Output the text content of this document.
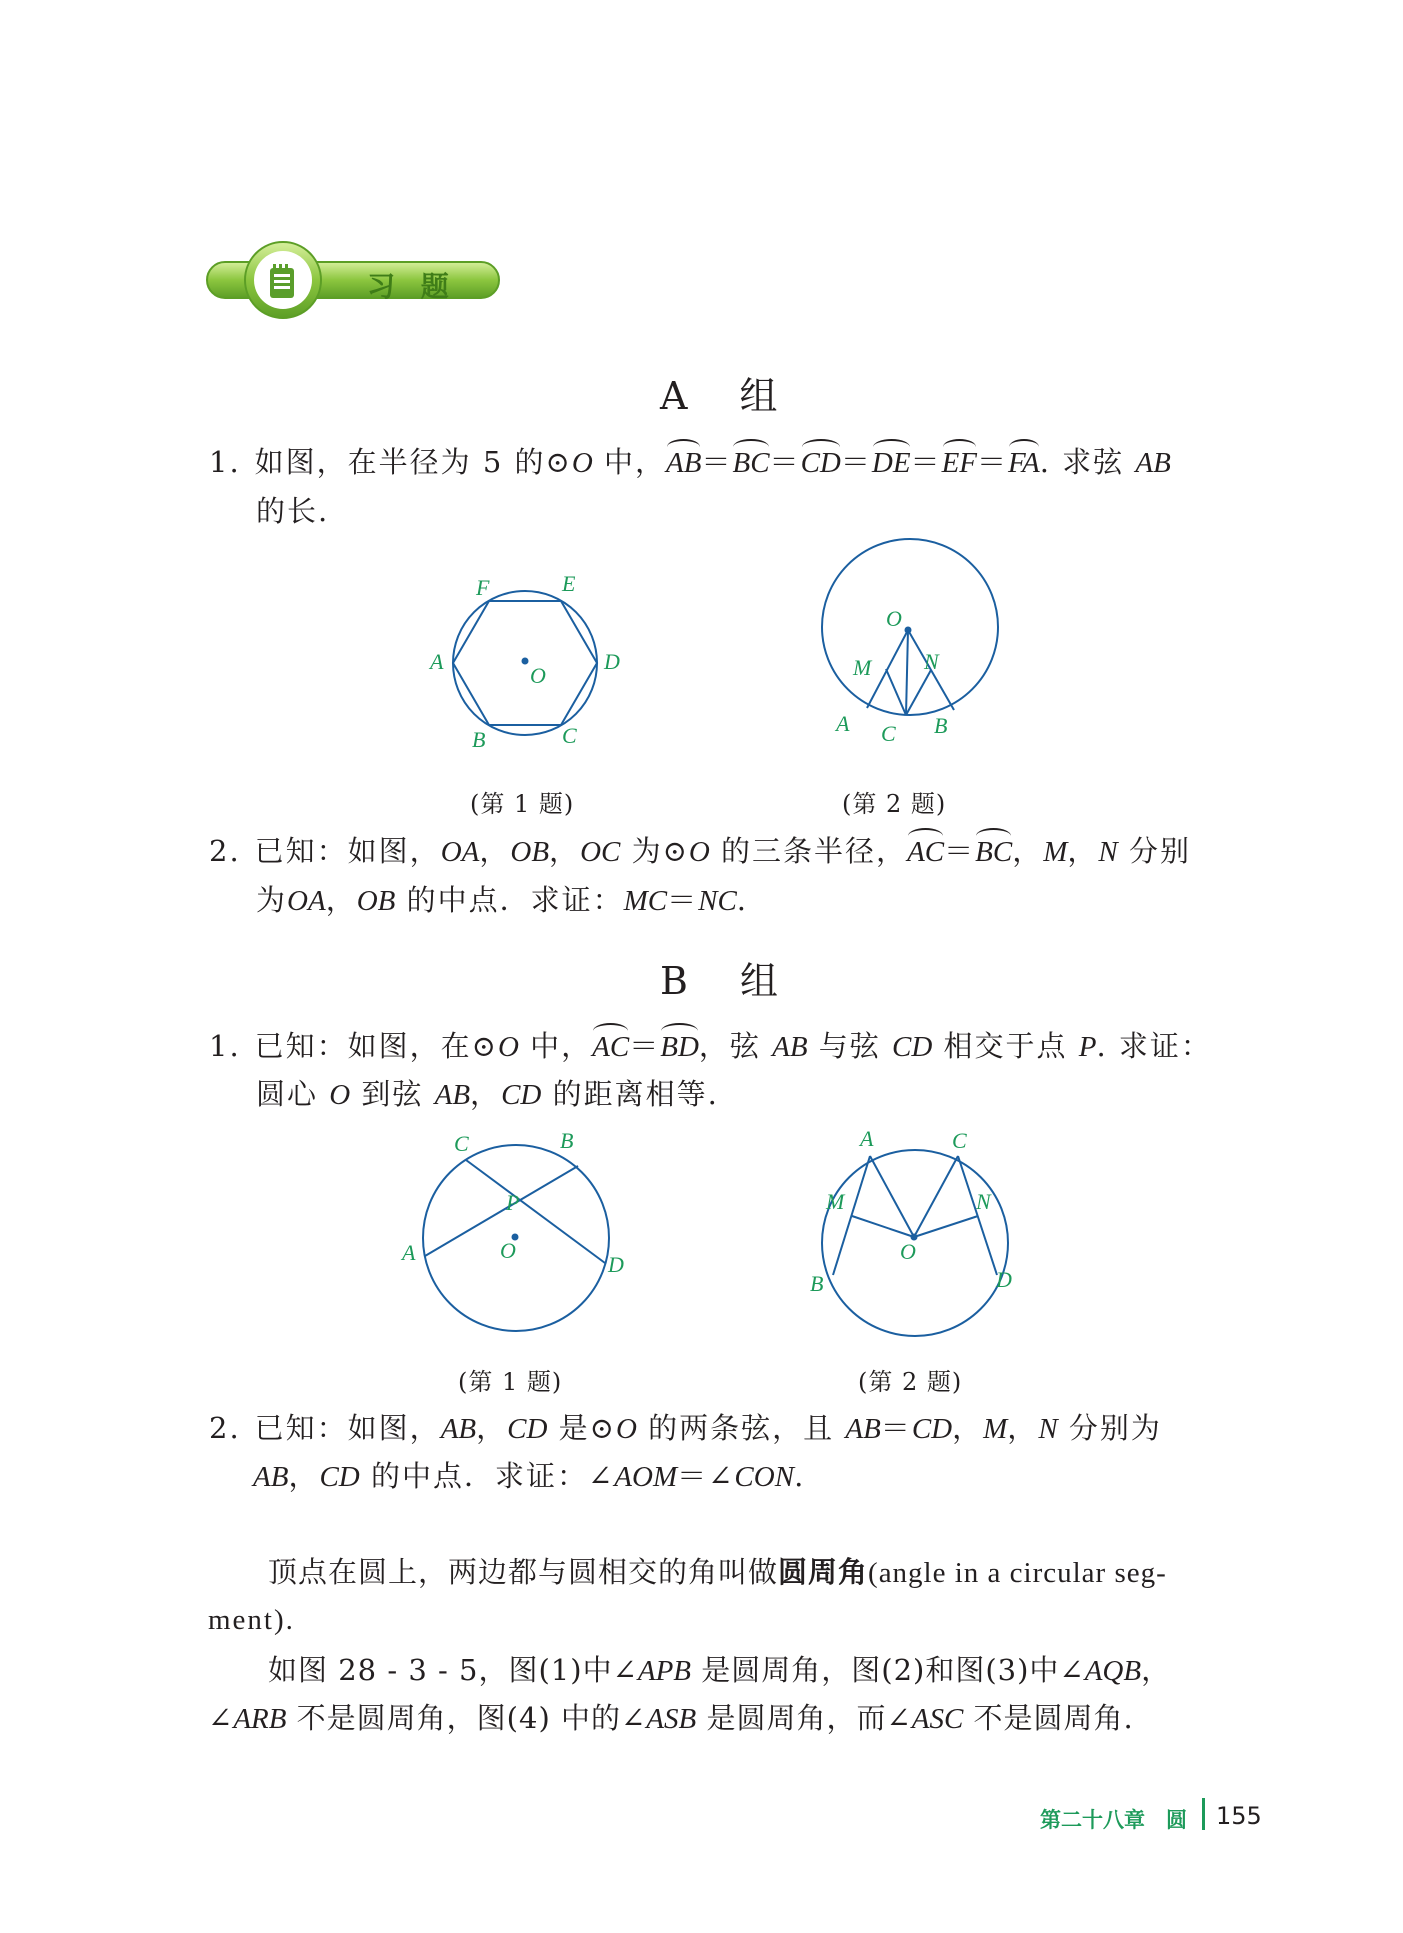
习 题
A 组
1. 如图，在半径为 5 的⊙O 中，AB＝BC＝CD＝DE＝EF＝FA. 求弦 AB
的长.
F	E
A	D
O
B	C
(第 1 题)
O
M N
A C B
(第 2 题)
2. 已知：如图，OA，OB，OC 为⊙O 的三条半径，AC＝BC，M，N 分别
为OA，OB 的中点．求证：MC＝NC.
B 组
1. 已知：如图，在⊙O 中，AC＝BD，弦 AB 与弦 CD 相交于点 P. 求证：
圆心 O 到弦 AB，CD 的距离相等.
C	B
P
A	O
D
(第 1 题)
A	C
M	N
O
B	D
(第 2 题)
2. 已知：如图，AB，CD 是⊙O 的两条弦，且 AB＝CD，M，N 分别为
AB，CD 的中点．求证：∠AOM＝∠CON.
顶点在圆上，两边都与圆相交的角叫做圆周角(angle in a circular seg-
ment).
如图 28 - 3 - 5，图(1)中∠APB 是圆周角，图(2)和图(3)中∠AQB，
∠ARB 不是圆周角，图(4) 中的∠ASB 是圆周角，而∠ASC 不是圆周角.
第二十八章　圆 155
